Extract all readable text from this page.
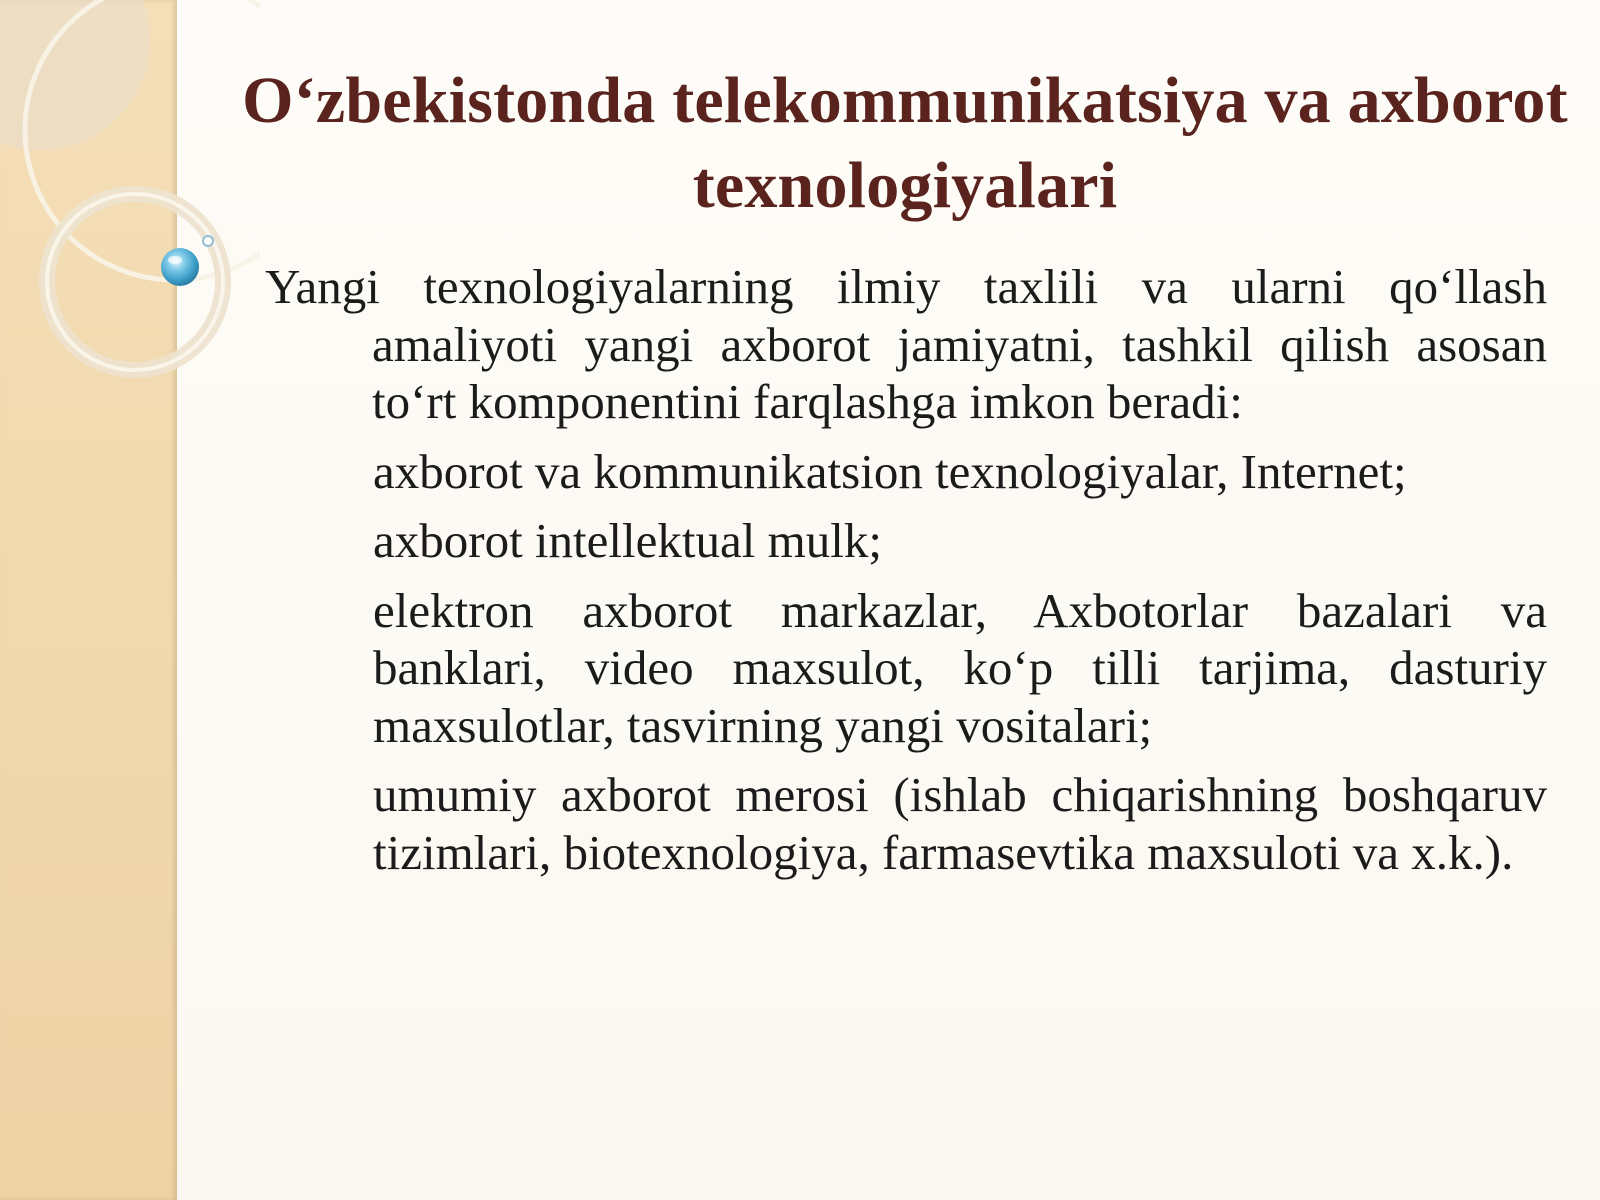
O‘zbekistonda telekommunikatsiya va axborot texnologiyalari

Yangi texnologiyalarning ilmiy taxlili va ularni qo‘llash amaliyoti yangi axborot jamiyatni, tashkil qilish asosan to‘rt komponentini farqlashga imkon beradi:

axborot va kommunikatsion texnologiyalar, Internet;

axborot intellektual mulk;

elektron axborot markazlar, Axbotorlar bazalari va banklari, video maxsulot, ko‘p tilli tarjima, dasturiy maxsulotlar, tasvirning yangi vositalari;

umumiy axborot merosi (ishlab chiqarishning boshqaruv tizimlari, biotexnologiya, farmasevtika maxsuloti va x.k.).
